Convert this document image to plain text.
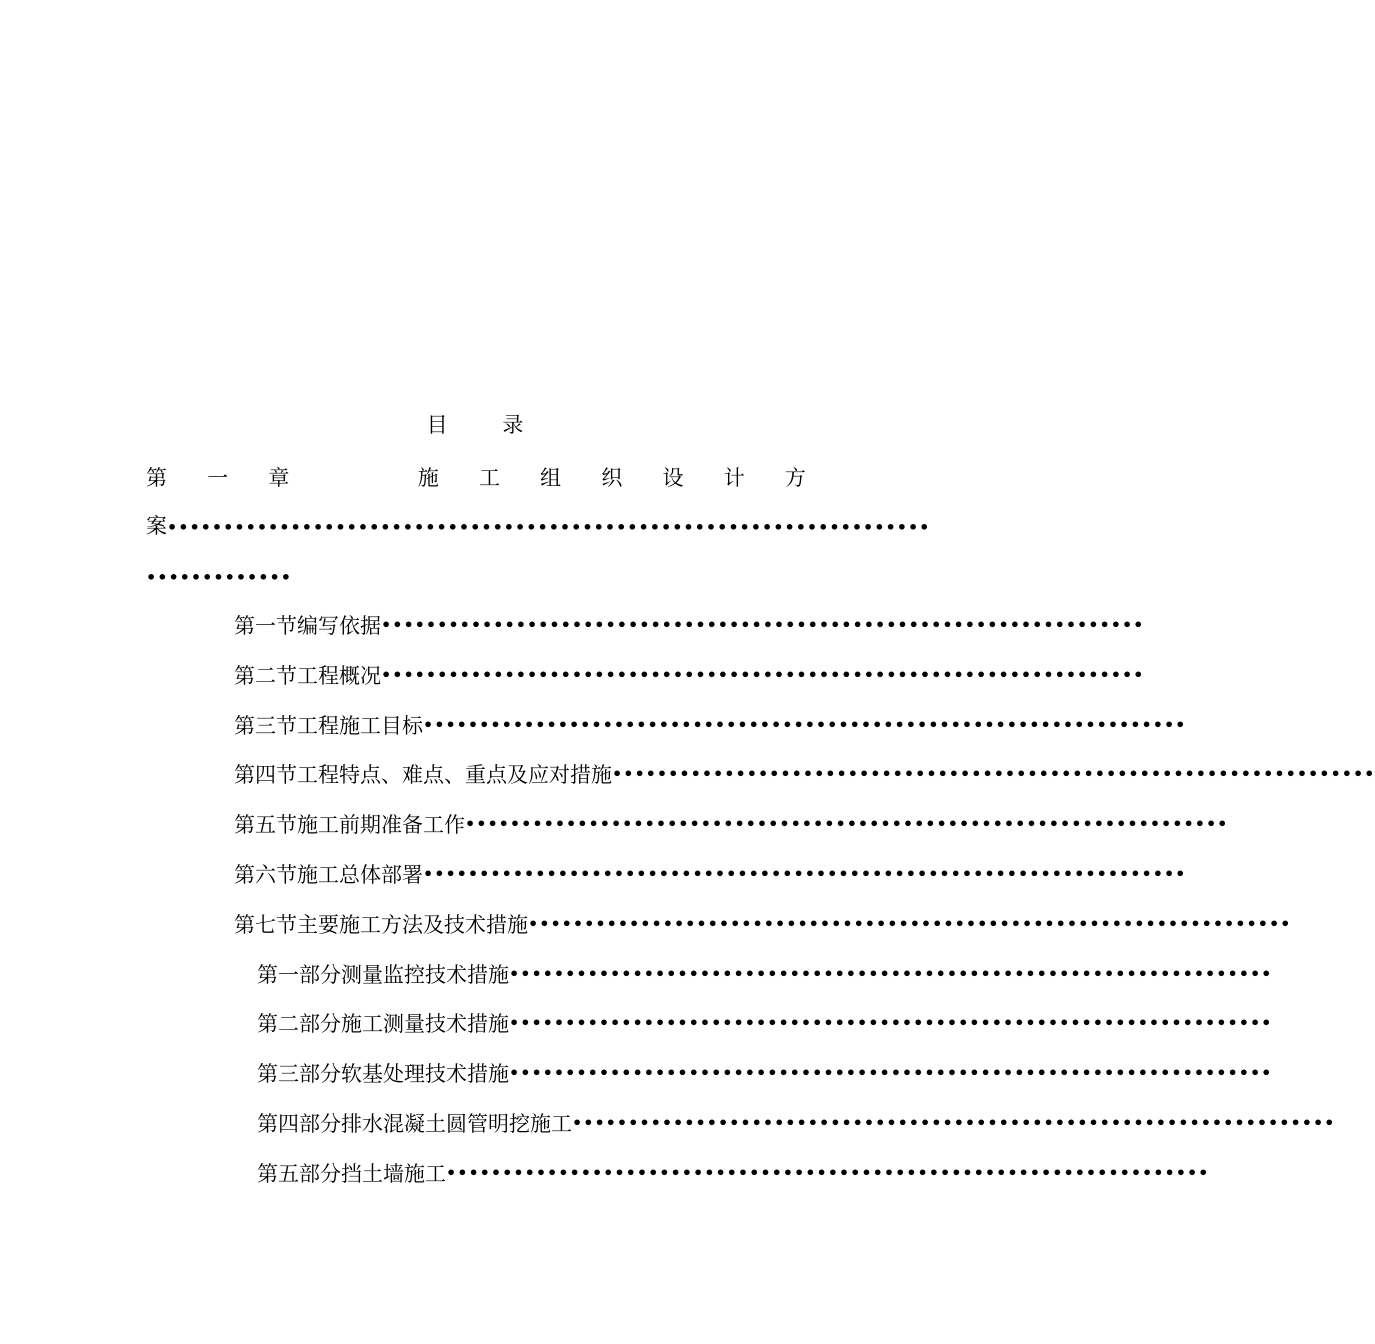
目 录
第 一 章	施 工 组 织 设 计 方
案••••••••••••••••••••••••••••••••••••••••••••••••••••••••••••••••••••
•••••••••••••
第一节 编写依据 ••••••••••••••••••••••••••••••••••••••••••••••••••••••••••••••••••••
第二节 工程概况 ••••••••••••••••••••••••••••••••••••••••••••••••••••••••••••••••••••
第三节 工程施工目标 ••••••••••••••••••••••••••••••••••••••••••••••••••••••••••••••••••••
第四节 工程特点、难点、重点及应对措施 ••••••••••••••••••••••••••••••••••••••••••••••••••••••••••••••••••••
第五节 施工前期准备工作 ••••••••••••••••••••••••••••••••••••••••••••••••••••••••••••••••••••
第六节 施工总体部署 ••••••••••••••••••••••••••••••••••••••••••••••••••••••••••••••••••••
第七节 主要施工方法及技术措施 ••••••••••••••••••••••••••••••••••••••••••••••••••••••••••••••••••••
第一部分 测量监控技术措施 ••••••••••••••••••••••••••••••••••••••••••••••••••••••••••••••••••••
第二部分 施工测量技术措施 ••••••••••••••••••••••••••••••••••••••••••••••••••••••••••••••••••••
第三部分 软基处理技术措施 ••••••••••••••••••••••••••••••••••••••••••••••••••••••••••••••••••••
第四部分 排水混凝土圆管明挖施工 ••••••••••••••••••••••••••••••••••••••••••••••••••••••••••••••••••••
第五部分 挡土墙施工 ••••••••••••••••••••••••••••••••••••••••••••••••••••••••••••••••••••
